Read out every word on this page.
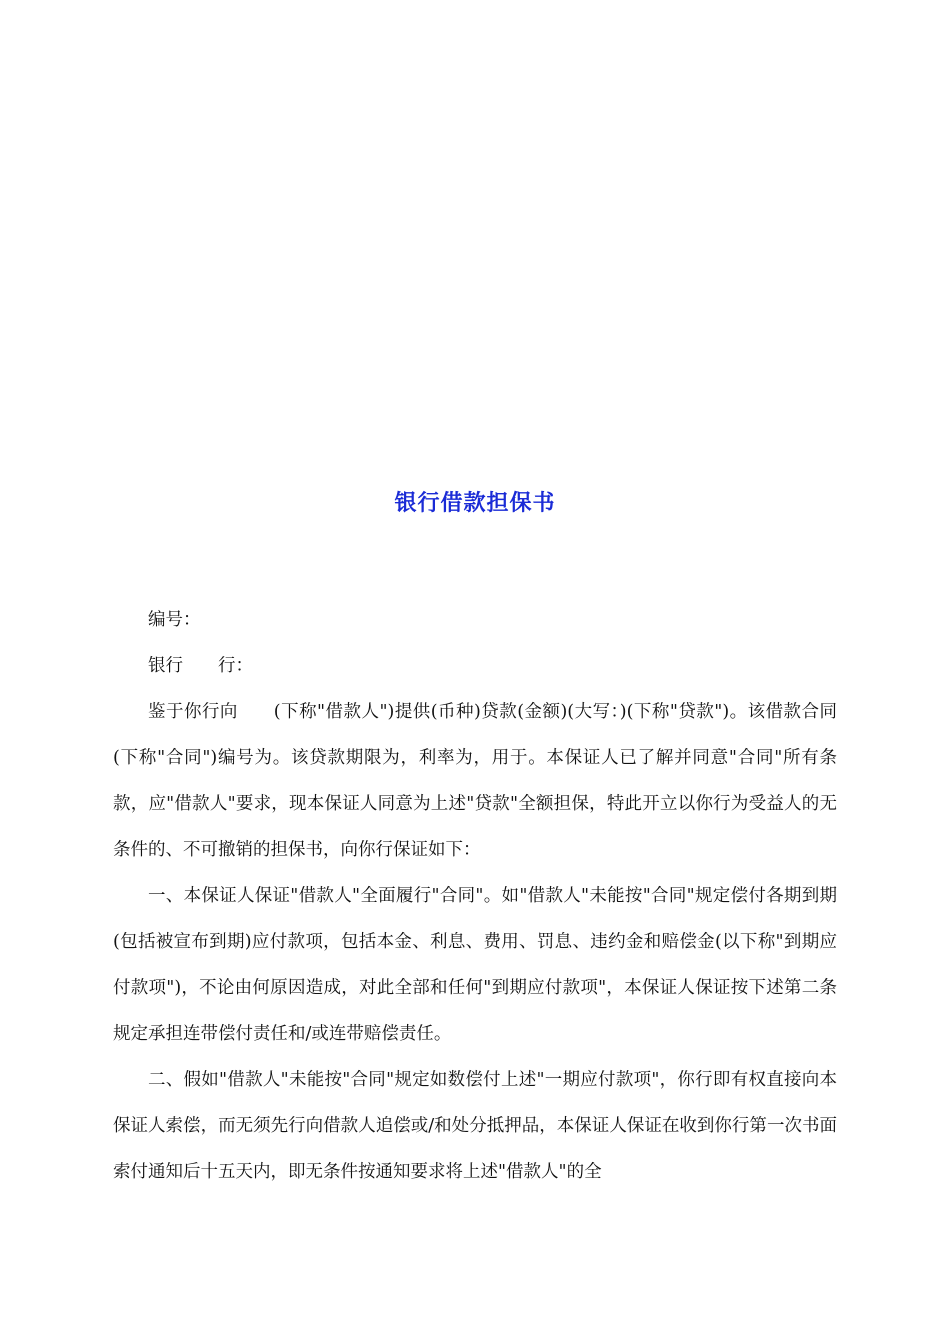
银行借款担保书

编号：

银行　　行：

鉴于你行向　　(下称"借款人")提供(币种)贷款(金额)(大写：)(下称"贷款")。该借款合同(下称"合同")编号为。该贷款期限为，利率为，用于。本保证人已了解并同意"合同"所有条款，应"借款人"要求，现本保证人同意为上述"贷款"全额担保，特此开立以你行为受益人的无条件的、不可撤销的担保书，向你行保证如下：

一、本保证人保证"借款人"全面履行"合同"。如"借款人"未能按"合同"规定偿付各期到期(包括被宣布到期)应付款项，包括本金、利息、费用、罚息、违约金和赔偿金(以下称"到期应付款项")，不论由何原因造成，对此全部和任何"到期应付款项"，本保证人保证按下述第二条规定承担连带偿付责任和/或连带赔偿责任。

二、假如"借款人"未能按"合同"规定如数偿付上述"一期应付款项"，你行即有权直接向本保证人索偿，而无须先行向借款人追偿或/和处分抵押品，本保证人保证在收到你行第一次书面索付通知后十五天内，即无条件按通知要求将上述"借款人"的全
